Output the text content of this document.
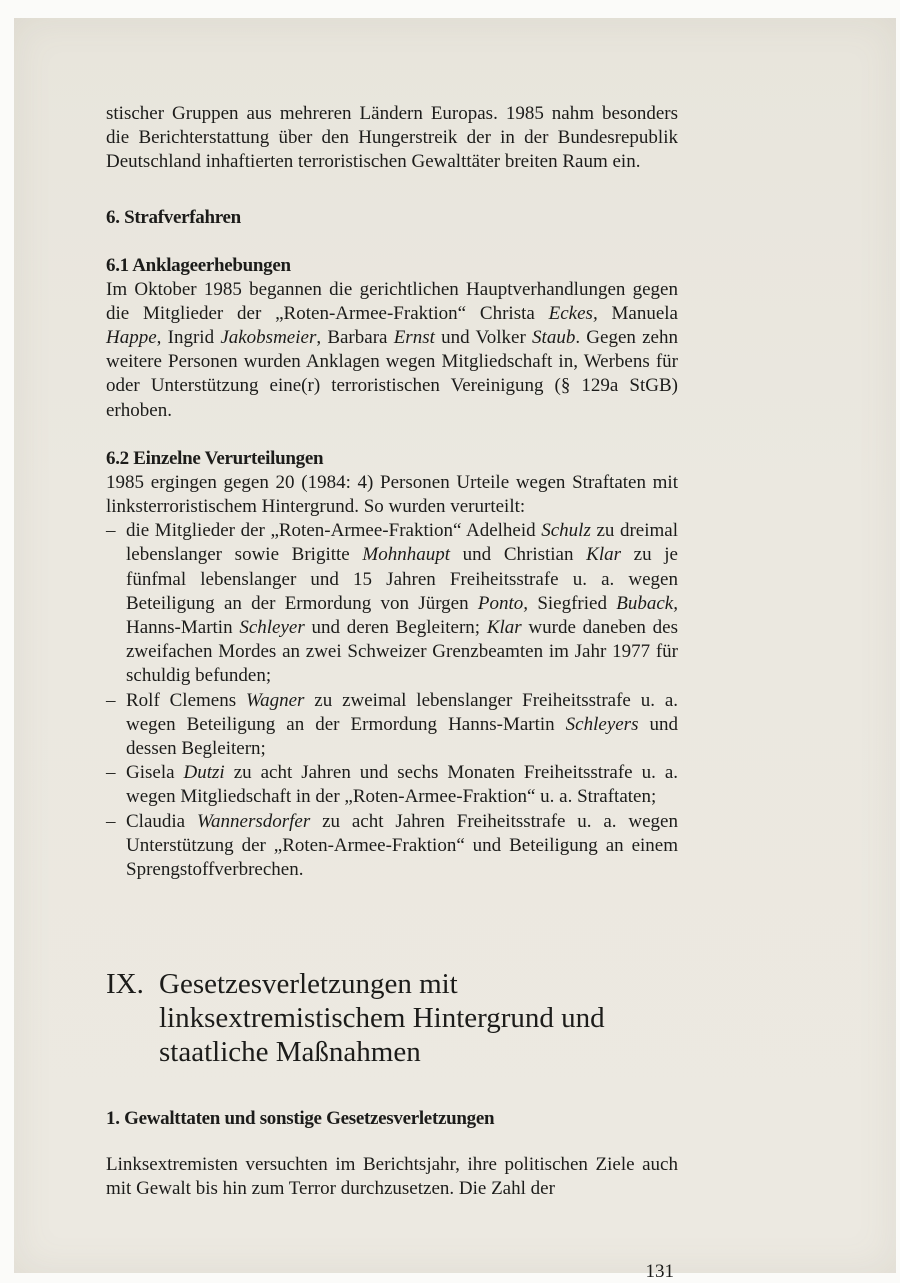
stischer Gruppen aus mehreren Ländern Europas. 1985 nahm besonders die Berichterstattung über den Hungerstreik der in der Bundesrepublik Deutschland inhaftierten terroristischen Gewalttäter breiten Raum ein.

6. Strafverfahren
6.1 Anklageerhebungen

Im Oktober 1985 begannen die gerichtlichen Hauptverhandlungen gegen die Mitglieder der „Roten-Armee-Fraktion“ Christa Eckes, Manuela Happe, Ingrid Jakobsmeier, Barbara Ernst und Volker Staub. Gegen zehn weitere Personen wurden Anklagen wegen Mitgliedschaft in, Werbens für oder Unterstützung eine(r) terroristischen Vereinigung (§ 129a StGB) erhoben.

6.2 Einzelne Verurteilungen

1985 ergingen gegen 20 (1984: 4) Personen Urteile wegen Straftaten mit linksterroristischem Hintergrund. So wurden verurteilt:

– die Mitglieder der „Roten-Armee-Fraktion“ Adelheid Schulz zu dreimal lebenslanger sowie Brigitte Mohnhaupt und Christian Klar zu je fünfmal lebenslanger und 15 Jahren Freiheitsstrafe u. a. wegen Beteiligung an der Ermordung von Jürgen Ponto, Siegfried Buback, Hanns-Martin Schleyer und deren Begleitern; Klar wurde daneben des zweifachen Mordes an zwei Schweizer Grenzbeamten im Jahr 1977 für schuldig befunden;
– Rolf Clemens Wagner zu zweimal lebenslanger Freiheitsstrafe u. a. wegen Beteiligung an der Ermordung Hanns-Martin Schleyers und dessen Begleitern;
– Gisela Dutzi zu acht Jahren und sechs Monaten Freiheitsstrafe u. a. wegen Mitgliedschaft in der „Roten-Armee-Fraktion“ u. a. Straftaten;
– Claudia Wannersdorfer zu acht Jahren Freiheitsstrafe u. a. wegen Unterstützung der „Roten-Armee-Fraktion“ und Beteiligung an einem Sprengstoffverbrechen.
IX. Gesetzesverletzungen mit
linksextremistischem Hintergrund und
staatliche Maßnahmen
1. Gewalttaten und sonstige Gesetzesverletzungen

Linksextremisten versuchten im Berichtsjahr, ihre politischen Ziele auch mit Gewalt bis hin zum Terror durchzusetzen. Die Zahl der

131
